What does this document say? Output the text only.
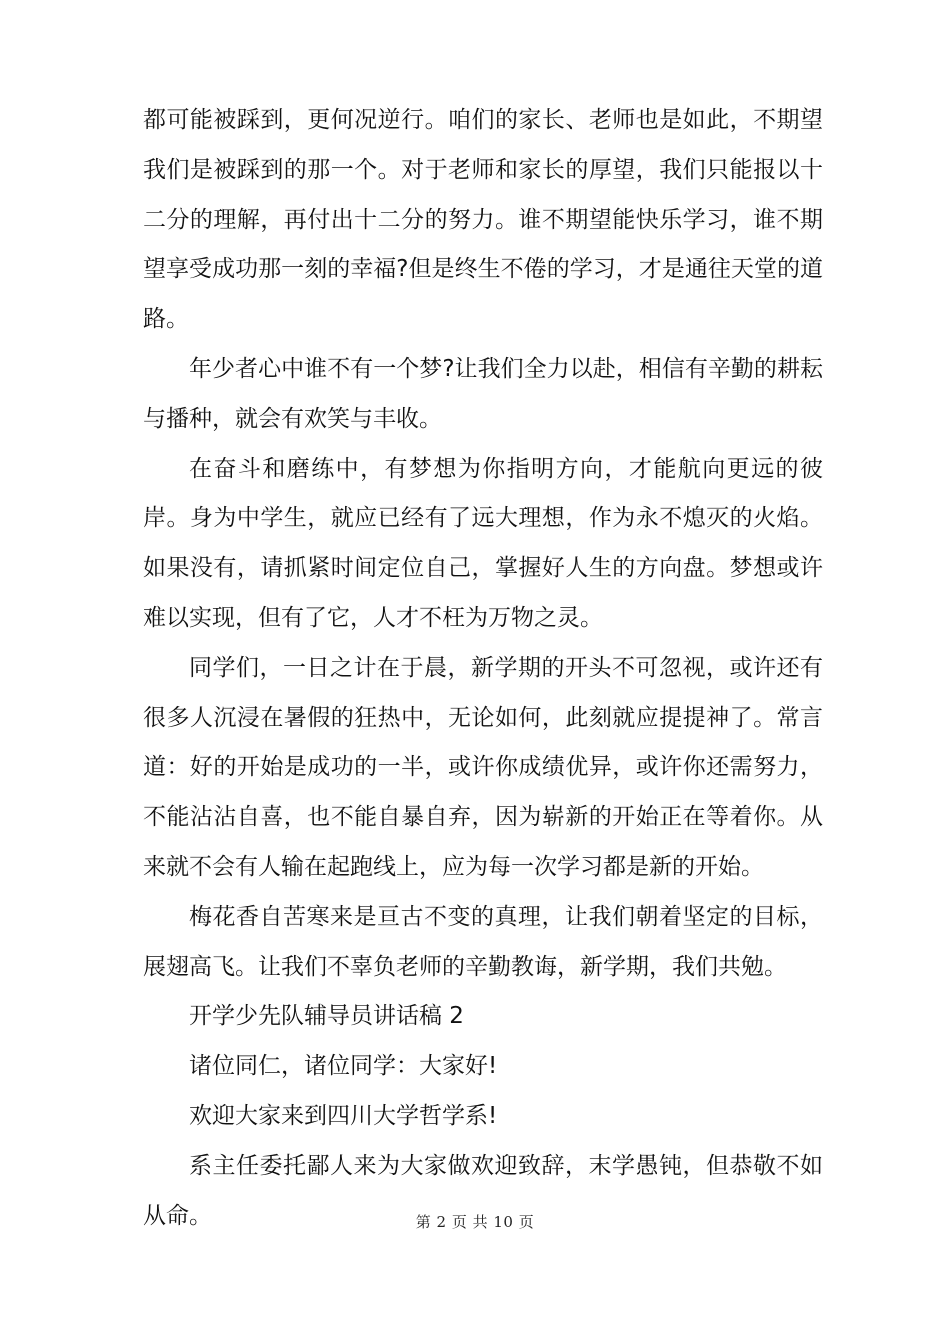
都可能被踩到，更何况逆行。咱们的家长、老师也是如此，不期望我们是被踩到的那一个。对于老师和家长的厚望，我们只能报以十二分的理解，再付出十二分的努力。谁不期望能快乐学习，谁不期望享受成功那一刻的幸福?但是终生不倦的学习，才是通往天堂的道路。

年少者心中谁不有一个梦?让我们全力以赴，相信有辛勤的耕耘与播种，就会有欢笑与丰收。

在奋斗和磨练中，有梦想为你指明方向，才能航向更远的彼岸。身为中学生，就应已经有了远大理想，作为永不熄灭的火焰。如果没有，请抓紧时间定位自己，掌握好人生的方向盘。梦想或许难以实现，但有了它，人才不枉为万物之灵。

同学们，一日之计在于晨，新学期的开头不可忽视，或许还有很多人沉浸在暑假的狂热中，无论如何，此刻就应提提神了。常言道：好的开始是成功的一半，或许你成绩优异，或许你还需努力，不能沾沾自喜，也不能自暴自弃，因为崭新的开始正在等着你。从来就不会有人输在起跑线上，应为每一次学习都是新的开始。

梅花香自苦寒来是亘古不变的真理，让我们朝着坚定的目标，展翅高飞。让我们不辜负老师的辛勤教诲，新学期，我们共勉。

开学少先队辅导员讲话稿 2

诸位同仁，诸位同学：大家好!

欢迎大家来到四川大学哲学系!

系主任委托鄙人来为大家做欢迎致辞，末学愚钝，但恭敬不如从命。	第 2 页 共 10 页
